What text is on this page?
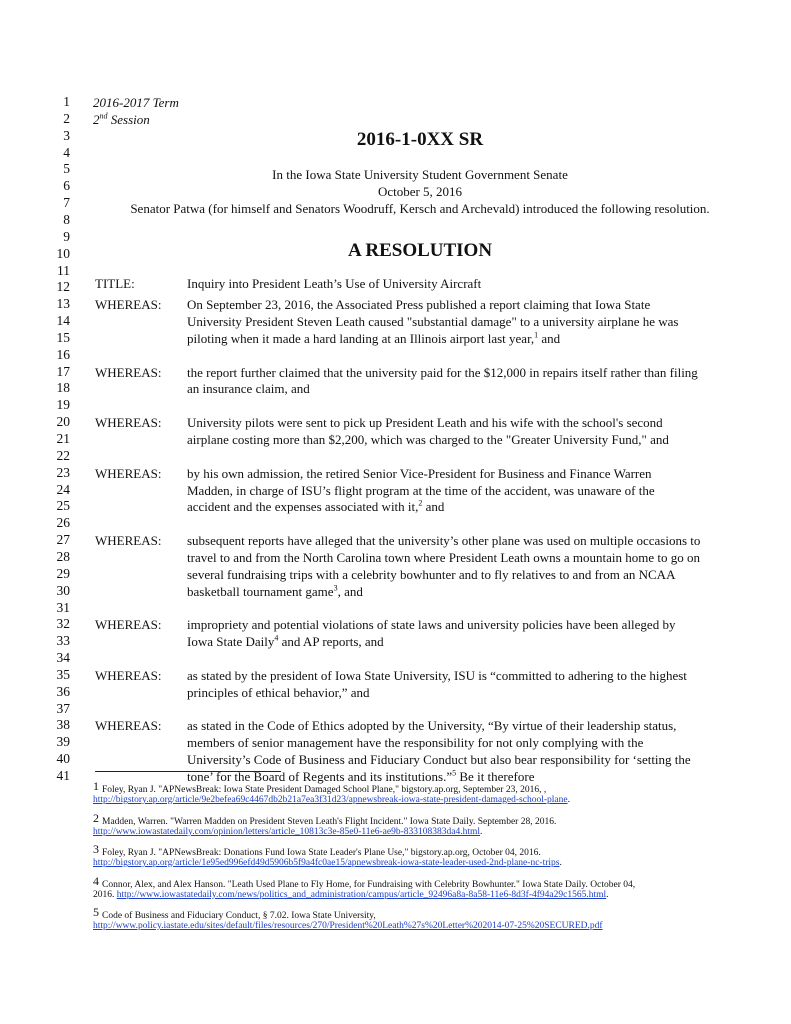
1
2
3
4
5
6
7
8
9
10
11
12
13
14
15
16
17
18
19
20
21
22
23
24
25
26
27
28
29
30
31
32
33
34
35
36
37
38
39
40
41
2016-2017 Term
2nd Session
2016-1-0XX SR
In the Iowa State University Student Government Senate
October 5, 2016
Senator Patwa (for himself and Senators Woodruff, Kersch and Archevald) introduced the following resolution.
A RESOLUTION
TITLE:	Inquiry into President Leath’s Use of University Aircraft
WHEREAS: On September 23, 2016, the Associated Press published a report claiming that Iowa State
University President Steven Leath caused "substantial damage" to a university airplane he was
piloting when it made a hard landing at an Illinois airport last year,$^1$ and
WHEREAS: the report further claimed that the university paid for the $12,000 in repairs itself rather than filing
an insurance claim, and
WHEREAS: University pilots were sent to pick up President Leath and his wife with the school's second
airplane costing more than $2,200, which was charged to the "Greater University Fund," and
WHEREAS: by his own admission, the retired Senior Vice-President for Business and Finance Warren
Madden, in charge of ISU’s flight program at the time of the accident, was unaware of the
accident and the expenses associated with it,$^2$ and
WHEREAS: subsequent reports have alleged that the university’s other plane was used on multiple occasions to
travel to and from the North Carolina town where President Leath owns a mountain home to go on
several fundraising trips with a celebrity bowhunter and to fly relatives to and from an NCAA
basketball tournament game$^3$, and
WHEREAS: impropriety and potential violations of state laws and university policies have been alleged by
Iowa State Daily$^4$ and AP reports, and
WHEREAS: as stated by the president of Iowa State University, ISU is “committed to adhering to the highest
principles of ethical behavior,” and
WHEREAS: as stated in the Code of Ethics adopted by the University, “By virtue of their leadership status,
members of senior management have the responsibility for not only complying with the
University’s Code of Business and Fiduciary Conduct but also bear responsibility for ‘setting the
tone’ for the Board of Regents and its institutions.”$^5$ Be it therefore
1 Foley, Ryan J. "APNewsBreak: Iowa State President Damaged School Plane," bigstory.ap.org, September 23, 2016, ,
http://bigstory.ap.org/article/9e2befea69c4467db2b21a7ea3f31d23/apnewsbreak-iowa-state-president-damaged-school-plane.
2 Madden, Warren. "Warren Madden on President Steven Leath's Flight Incident." Iowa State Daily. September 28, 2016.
http://www.iowastatedaily.com/opinion/letters/article_10813c3e-85e0-11e6-ae9b-833108383da4.html.
3 Foley, Ryan J. "APNewsBreak: Donations Fund Iowa State Leader's Plane Use," bigstory.ap.org, October 04, 2016.
http://bigstory.ap.org/article/1e95ed996efd49d5906b5f9a4fc0ae15/apnewsbreak-iowa-state-leader-used-2nd-plane-nc-trips.
4 Connor, Alex, and Alex Hanson. "Leath Used Plane to Fly Home, for Fundraising with Celebrity Bowhunter." Iowa State Daily. October 04,
2016. http://www.iowastatedaily.com/news/politics_and_administration/campus/article_92496a8a-8a58-11e6-8d3f-4f94a29c1565.html.
5 Code of Business and Fiduciary Conduct, § 7.02. Iowa State University,
http://www.policy.iastate.edu/sites/default/files/resources/270/President%20Leath%27s%20Letter%202014-07-25%20SECURED.pdf
